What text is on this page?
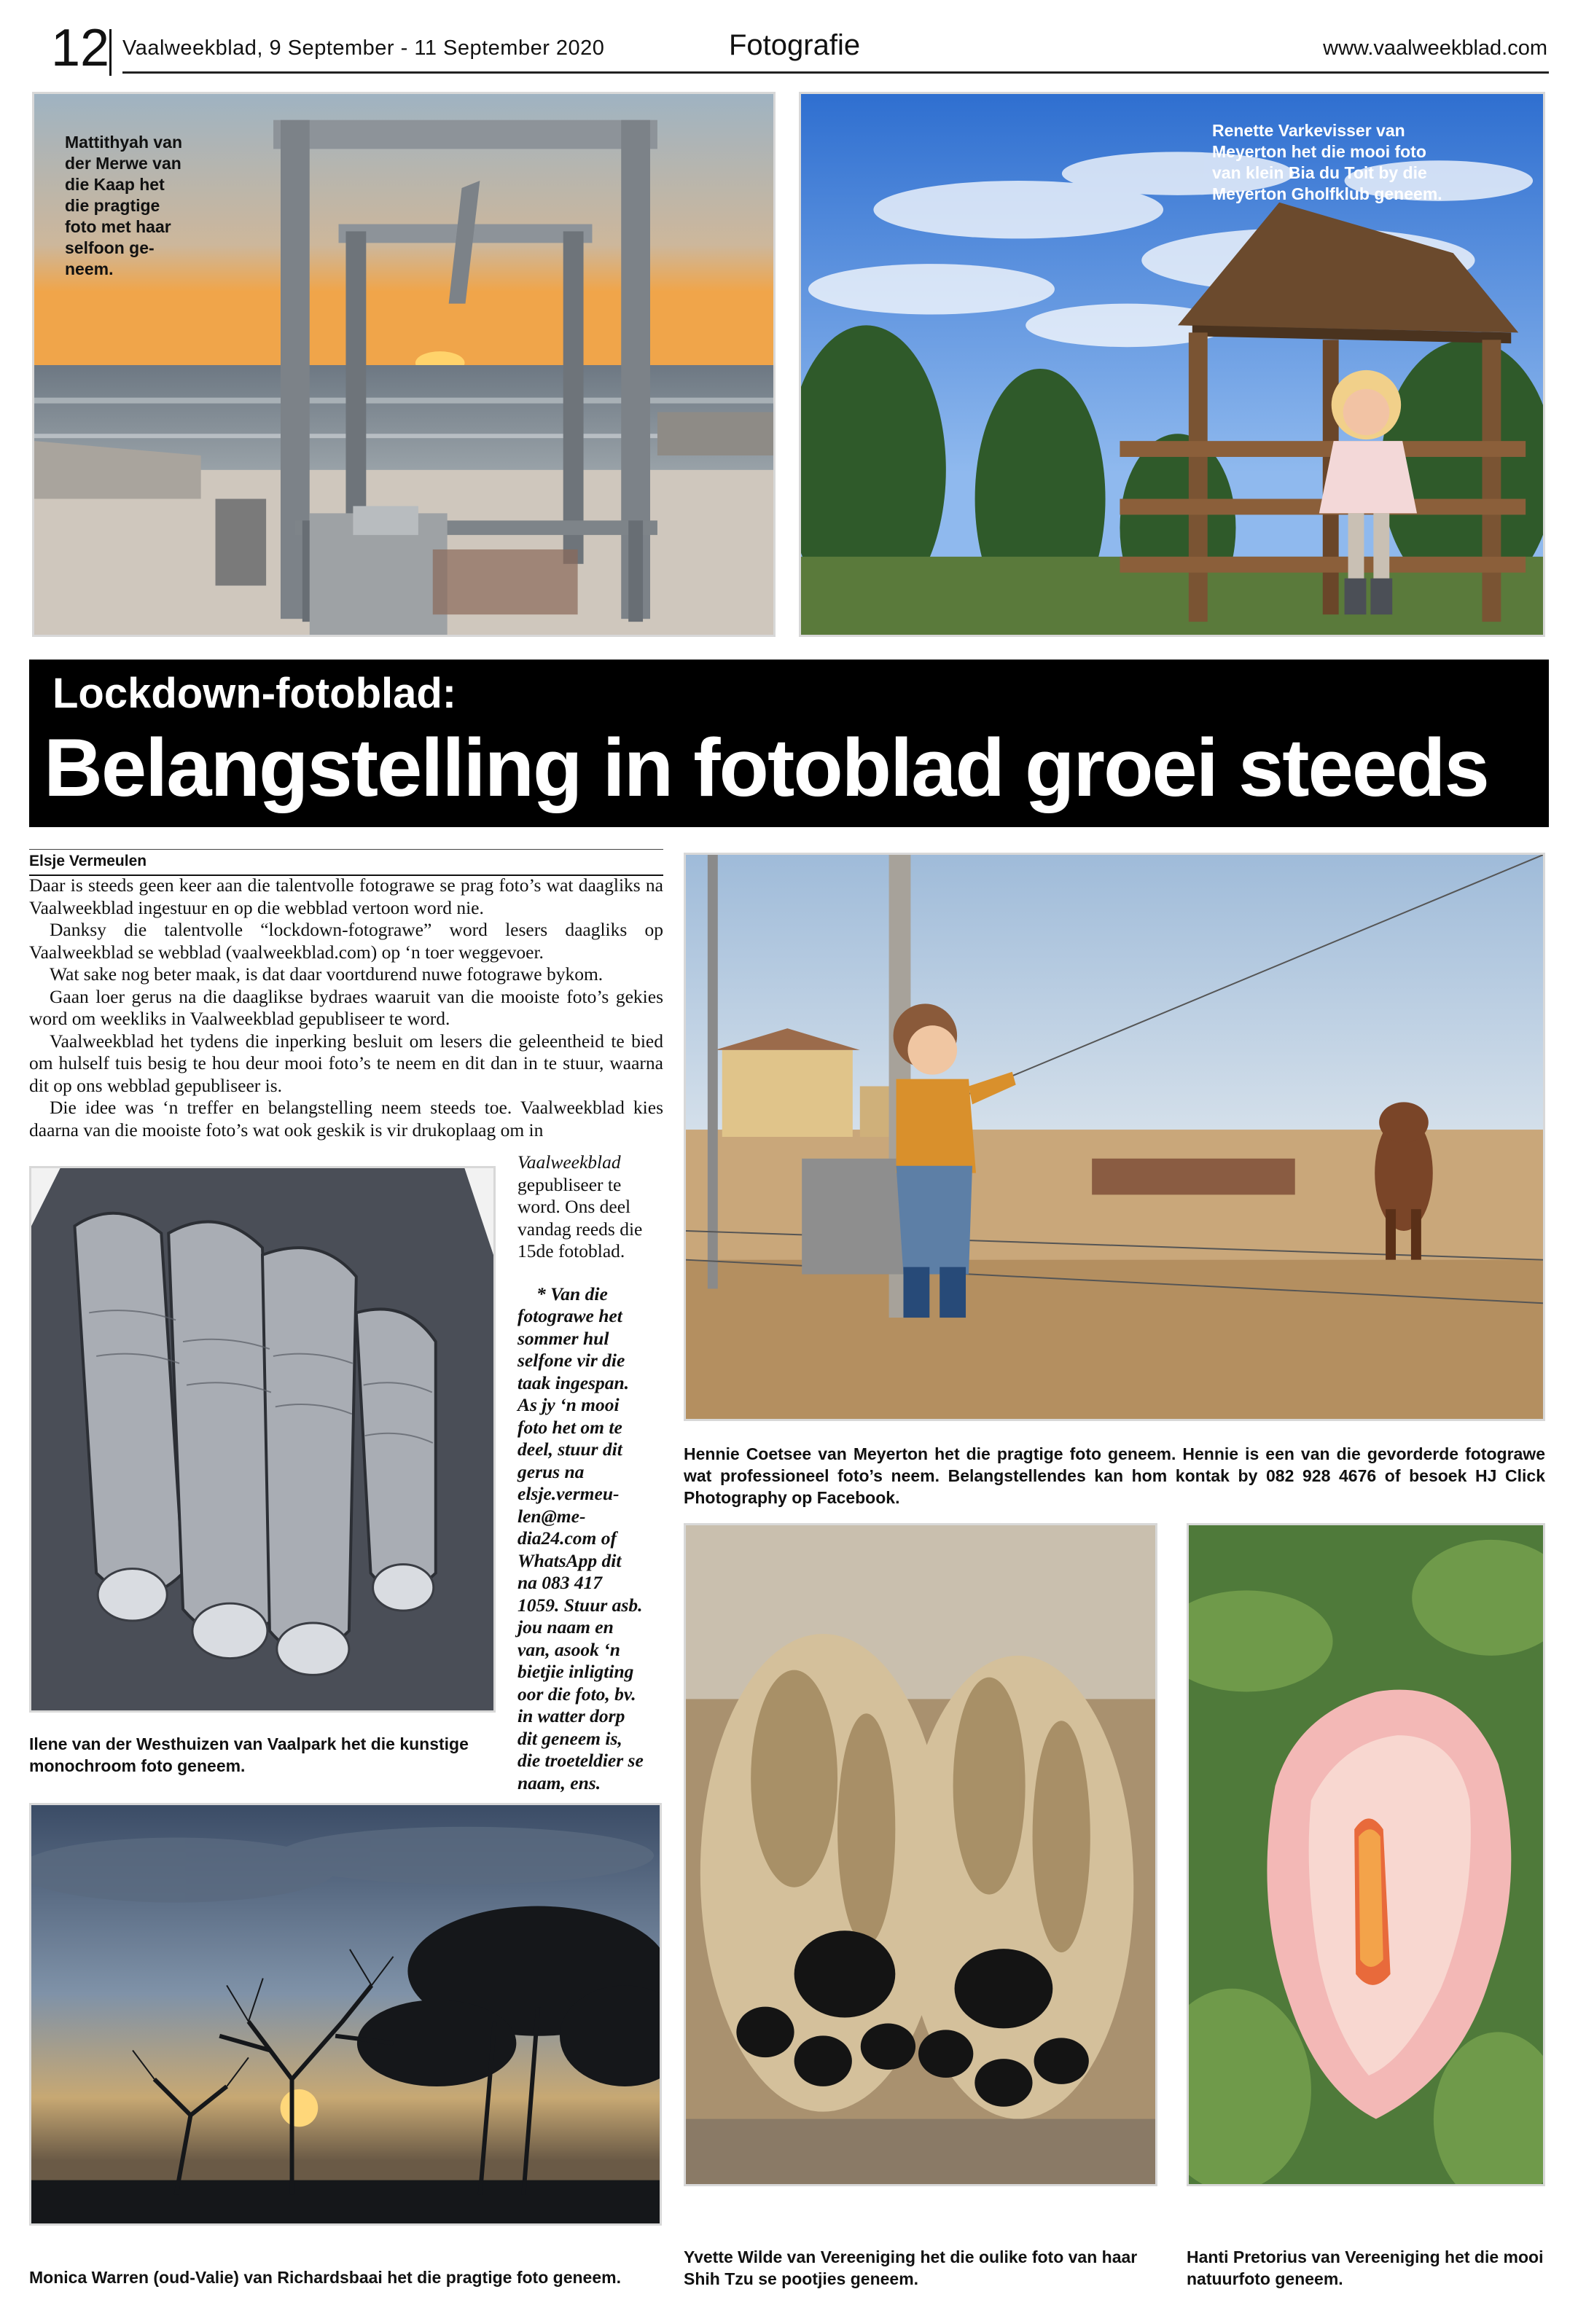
12 Vaalweekblad, 9 September - 11 September 2020	Fotografie	www.vaalweekblad.com
Mattithyah van
der Merwe van
die Kaap het
die pragtige
foto met haar
selfoon ge-
neem.
Renette Varkevisser van
Meyerton het die mooi foto
van klein Bia du Toit by die
Meyerton Gholfklub geneem.
Lockdown-fotoblad:
Belangstelling in fotoblad groei steeds
Elsje Vermeulen

Daar is steeds geen keer aan die talentvolle fotograwe se prag foto’s wat daagliks na Vaalweekblad ingestuur en op die webblad vertoon word nie.

Danksy die talentvolle “lockdown-fotograwe” word lesers daagliks op Vaalweekblad se webblad (vaalweekblad.com) op ‘n toer weggevoer.

Wat sake nog beter maak, is dat daar voortdurend nuwe fotograwe bykom.

Gaan loer gerus na die daaglikse bydraes waaruit van die mooiste foto’s gekies word om weekliks in Vaalweekblad gepubliseer te word.

Vaalweekblad het tydens die inperking besluit om lesers die geleentheid te bied om hulself tuis besig te hou deur mooi foto’s te neem en dit dan in te stuur, waarna dit op ons webblad gepubliseer is.

Die idee was ‘n treffer en belangstelling neem steeds toe. Vaalweekblad kies daarna van die mooiste foto’s wat ook geskik is vir drukoplaag om in

Vaalweekblad
gepubliseer te
word. Ons deel
vandag reeds die
15de fotoblad.
* Van die
fotograwe het
sommer hul
selfone vir die
taak ingespan.
As jy ‘n mooi
foto het om te
deel, stuur dit
gerus na
elsje.vermeu-
len@me-
dia24.com of
WhatsApp dit
na 083 417
1059. Stuur asb.
jou naam en
van, asook ‘n
bietjie inligting
oor die foto, bv.
in watter dorp
dit geneem is,
die troeteldier se
naam, ens.
Ilene van der Westhuizen van Vaalpark het die kunstige monochroom foto geneem.
Monica Warren (oud-Valie) van Richardsbaai het die pragtige foto geneem.
Hennie Coetsee van Meyerton het die pragtige foto geneem. Hennie is een van die gevorderde fotograwe wat professioneel foto’s neem. Belangstellendes kan hom kontak by 082 928 4676 of besoek HJ Click Photography op Facebook.
Yvette Wilde van Vereeniging het die oulike foto van haar Shih Tzu se pootjies geneem.
Hanti Pretorius van Vereeniging het die mooi natuurfoto geneem.
